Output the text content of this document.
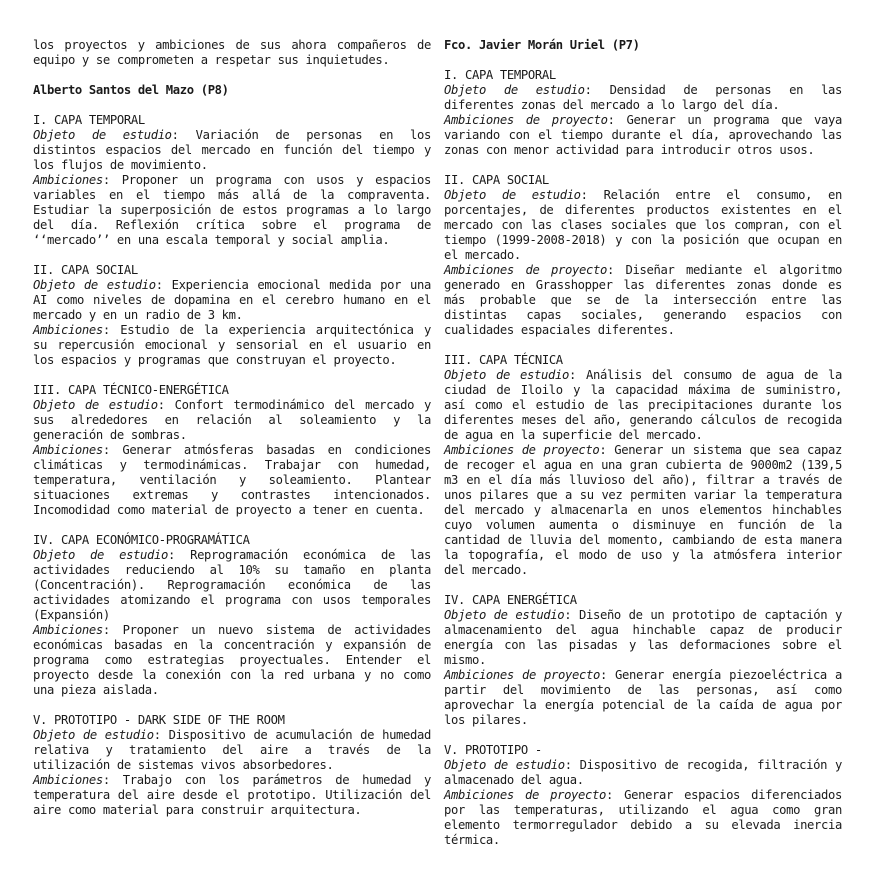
los proyectos y ambiciones de sus ahora compañeros de equipo y se comprometen a respetar sus inquietudes.

Alberto Santos del Mazo (P8)

I. CAPA TEMPORAL

Objeto de estudio: Variación de personas en los distintos espacios del mercado en función del tiempo y los flujos de movimiento.

Ambiciones: Proponer un programa con usos y espacios variables en el tiempo más allá de la compraventa. Estudiar la superposición de estos programas a lo largo del día. Reflexión crítica sobre el programa de ‘‘mercado’’ en una escala temporal y social amplia.

II. CAPA SOCIAL

Objeto de estudio: Experiencia emocional medida por una AI como niveles de dopamina en el cerebro humano en el mercado y en un radio de 3 km.

Ambiciones: Estudio de la experiencia arquitectónica y su repercusión emocional y sensorial en el usuario en los espacios y programas que construyan el proyecto.

III. CAPA TÉCNICO-ENERGÉTICA

Objeto de estudio: Confort termodinámico del mercado y sus alrededores en relación al soleamiento y la generación de sombras.

Ambiciones: Generar atmósferas basadas en condiciones climáticas y termodinámicas. Trabajar con humedad, temperatura, ventilación y soleamiento. Plantear situaciones extremas y contrastes intencionados. Incomodidad como material de proyecto a tener en cuenta.

IV. CAPA ECONÓMICO-PROGRAMÁTICA

Objeto de estudio: Reprogramación económica de las actividades reduciendo al 10% su tamaño en planta (Concentración). Reprogramación económica de las actividades atomizando el programa con usos temporales (Expansión)

Ambiciones: Proponer un nuevo sistema de actividades económicas basadas en la concentración y expansión de programa como estrategias proyectuales. Entender el proyecto desde la conexión con la red urbana y no como una pieza aislada.

V. PROTOTIPO - DARK SIDE OF THE ROOM

Objeto de estudio: Dispositivo de acumulación de humedad relativa y tratamiento del aire a través de la utilización de sistemas vivos absorbedores.

Ambiciones: Trabajo con los parámetros de humedad y temperatura del aire desde el prototipo. Utilización del aire como material para construir arquitectura.

Fco. Javier Morán Uriel (P7)

I. CAPA TEMPORAL

Objeto de estudio: Densidad de personas en las diferentes zonas del mercado a lo largo del día.

Ambiciones de proyecto: Generar un programa que vaya variando con el tiempo durante el día, aprovechando las zonas con menor actividad para introducir otros usos.

II. CAPA SOCIAL

Objeto de estudio: Relación entre el consumo, en porcentajes, de diferentes productos existentes en el mercado con las clases sociales que los compran, con el tiempo (1999-2008-2018) y con la posición que ocupan en el mercado.

Ambiciones de proyecto: Diseñar mediante el algoritmo generado en Grasshopper las diferentes zonas donde es más probable que se de la intersección entre las distintas capas sociales, generando espacios con cualidades espaciales diferentes.

III. CAPA TÉCNICA

Objeto de estudio: Análisis del consumo de agua de la ciudad de Iloilo y la capacidad máxima de suministro, así como el estudio de las precipitaciones durante los diferentes meses del año, generando cálculos de recogida de agua en la superficie del mercado.

Ambiciones de proyecto: Generar un sistema que sea capaz de recoger el agua en una gran cubierta de 9000m2 (139,5 m3 en el día más lluvioso del año), filtrar a través de unos pilares que a su vez permiten variar la temperatura del mercado y almacenarla en unos elementos hinchables cuyo volumen aumenta o disminuye en función de la cantidad de lluvia del momento, cambiando de esta manera la topografía, el modo de uso y la atmósfera interior del mercado.

IV. CAPA ENERGÉTICA

Objeto de estudio: Diseño de un prototipo de captación y almacenamiento del agua hinchable capaz de producir energía con las pisadas y las deformaciones sobre el mismo.

Ambiciones de proyecto: Generar energía piezoeléctrica a partir del movimiento de las personas, así como aprovechar la energía potencial de la caída de agua por los pilares.

V. PROTOTIPO -

Objeto de estudio: Dispositivo de recogida, filtración y almacenado del agua.

Ambiciones de proyecto: Generar espacios diferenciados por las temperaturas, utilizando el agua como gran elemento termorregulador debido a su elevada inercia térmica.
